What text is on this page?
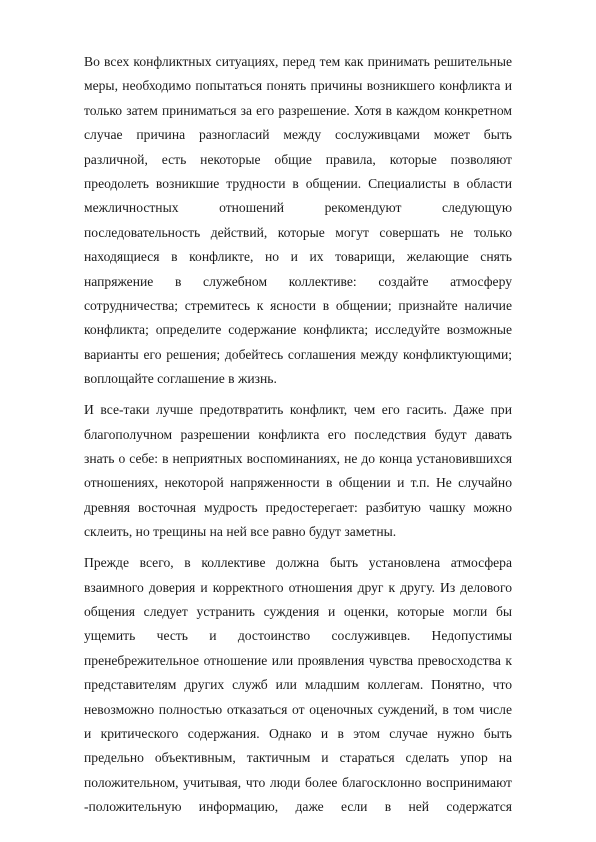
Во всех конфликтных ситуациях, перед тем как принимать решительные меры, необходимо попытаться понять причины возникшего конфликта и только затем приниматься за его разрешение. Хотя в каждом конкретном случае причина разногласий между сослуживцами может быть различной, есть некоторые общие правила, которые позволяют преодолеть возникшие трудности в общении. Специалисты в области межличностных отношений рекомендуют следующую последовательность действий, которые могут совершать не только находящиеся в конфликте, но и их товарищи, желающие снять напряжение в служебном коллективе: создайте атмосферу сотрудничества; стремитесь к ясности в общении; признайте наличие конфликта; определите содержание конфликта; исследуйте возможные варианты его решения; добейтесь соглашения между конфликтующими; воплощайте соглашение в жизнь.

И все-таки лучше предотвратить конфликт, чем его гасить. Даже при благополучном разрешении конфликта его последствия будут давать знать о себе: в неприятных воспоминаниях, не до конца установившихся отношениях, некоторой напряженности в общении и т.п. Не случайно древняя восточная мудрость предостерегает: разбитую чашку можно склеить, но трещины на ней все равно будут заметны.

Прежде всего, в коллективе должна быть установлена атмосфера взаимного доверия и корректного отношения друг к другу. Из делового общения следует устранить суждения и оценки, которые могли бы ущемить честь и достоинство сослуживцев. Недопустимы пренебрежительное отношение или проявления чувства превосходства к представителям других служб или младшим коллегам. Понятно, что невозможно полностью отказаться от оценочных суждений, в том числе и критического содержания. Однако и в этом случае нужно быть предельно объективным, тактичным и стараться сделать упор на положительном, учитывая, что люди более благосклонно воспринимают -положительную информацию, даже если в ней содержатся
